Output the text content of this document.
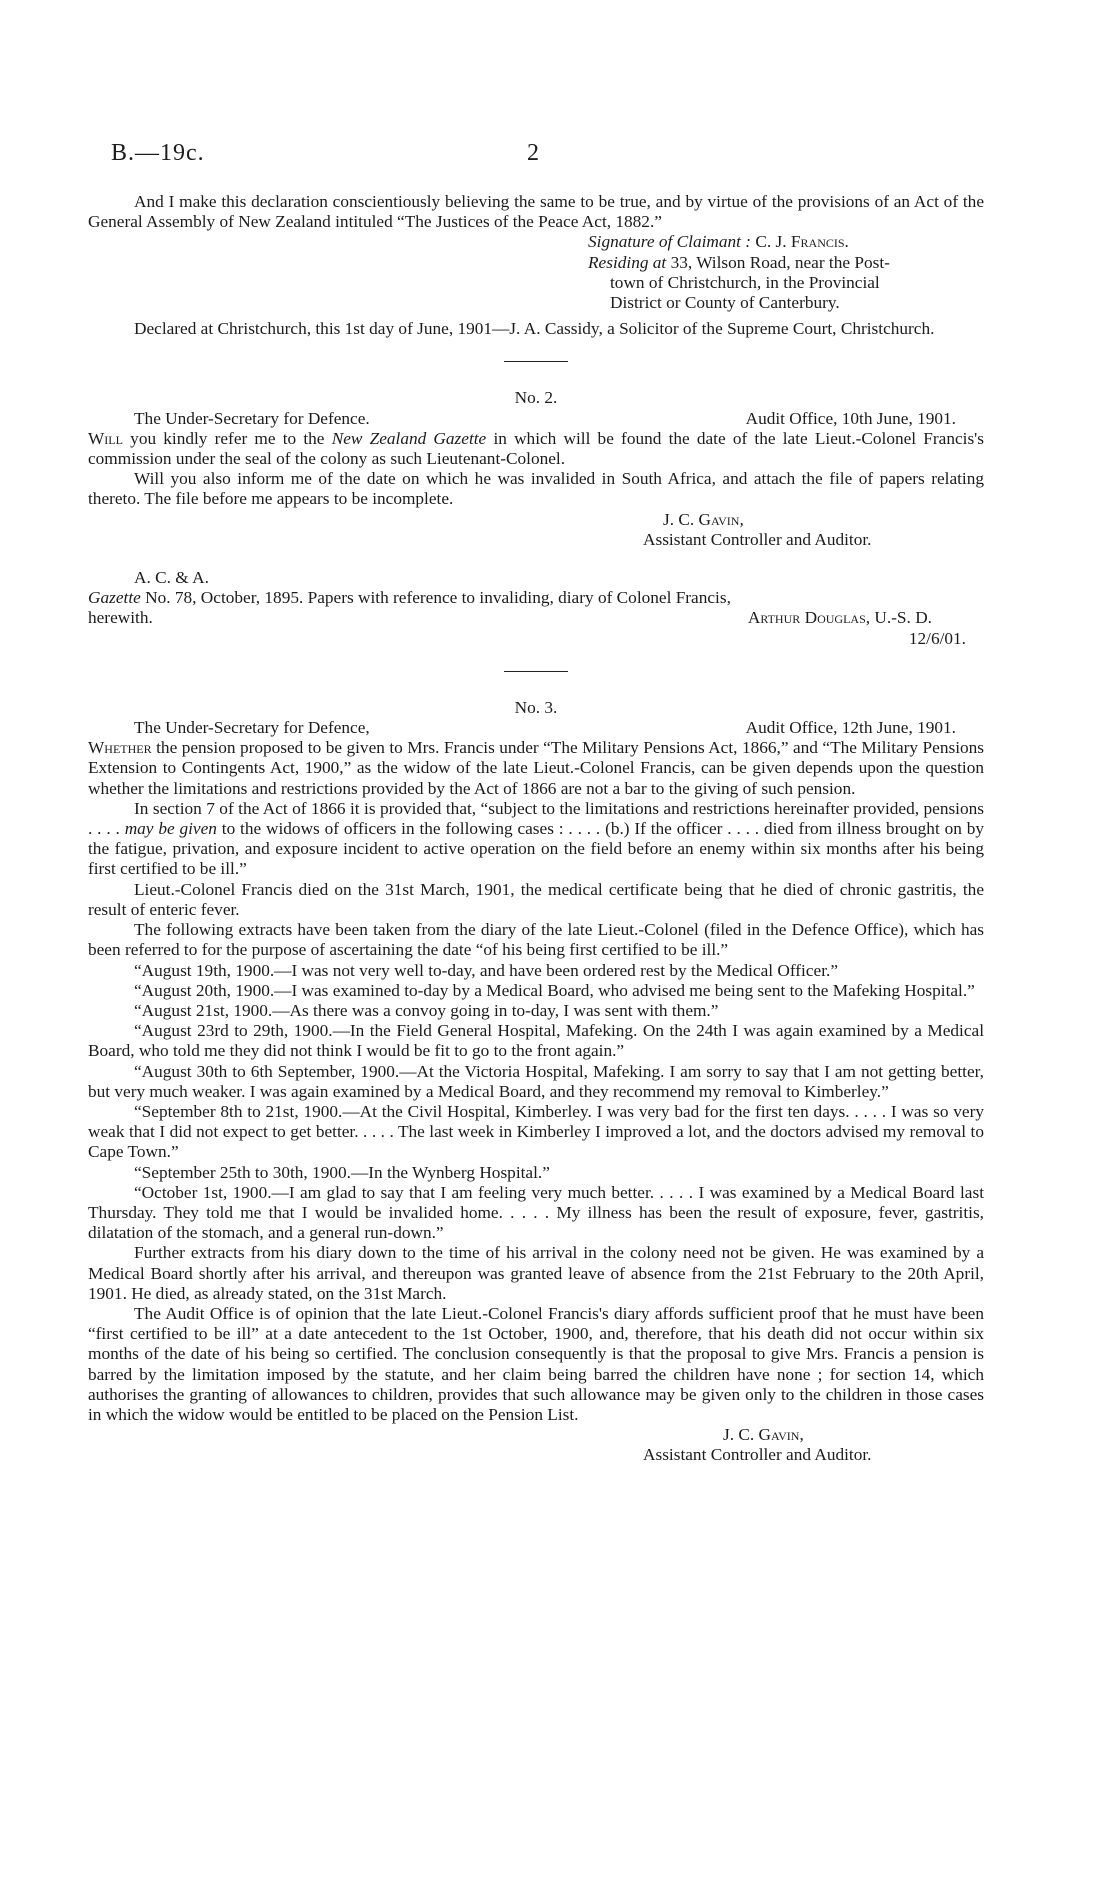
B.—19c.	2

And I make this declaration conscientiously believing the same to be true, and by virtue of the provisions of an Act of the General Assembly of New Zealand intituled “The Justices of the Peace Act, 1882.”

Signature of Claimant : C. J. Francis.
Residing at 33, Wilson Road, near the Post-
town of Christchurch, in the Provincial
District or County of Canterbury.

Declared at Christchurch, this 1st day of June, 1901—J. A. Cassidy, a Solicitor of the Supreme Court, Christchurch.

No. 2.
The Under-Secretary for Defence.	Audit Office, 10th June, 1901.

Will you kindly refer me to the New Zealand Gazette in which will be found the date of the late Lieut.-Colonel Francis's commission under the seal of the colony as such Lieutenant-Colonel.

Will you also inform me of the date on which he was invalided in South Africa, and attach the file of papers relating thereto. The file before me appears to be incomplete.

J. C. Gavin,
Assistant Controller and Auditor.
A. C. & A.

Gazette No. 78, October, 1895. Papers with reference to invaliding, diary of Colonel Francis,

herewith.	Arthur Douglas, U.-S. D.
12/6/01.
No. 3.
The Under-Secretary for Defence,	Audit Office, 12th June, 1901.

Whether the pension proposed to be given to Mrs. Francis under “The Military Pensions Act, 1866,” and “The Military Pensions Extension to Contingents Act, 1900,” as the widow of the late Lieut.-Colonel Francis, can be given depends upon the question whether the limitations and restrictions provided by the Act of 1866 are not a bar to the giving of such pension.

In section 7 of the Act of 1866 it is provided that, “subject to the limitations and restrictions hereinafter provided, pensions . . . . may be given to the widows of officers in the following cases : . . . . (b.) If the officer . . . . died from illness brought on by the fatigue, privation, and exposure incident to active operation on the field before an enemy within six months after his being first certified to be ill.”

Lieut.-Colonel Francis died on the 31st March, 1901, the medical certificate being that he died of chronic gastritis, the result of enteric fever.

The following extracts have been taken from the diary of the late Lieut.-Colonel (filed in the Defence Office), which has been referred to for the purpose of ascertaining the date “of his being first certified to be ill.”

“August 19th, 1900.—I was not very well to-day, and have been ordered rest by the Medical Officer.”

“August 20th, 1900.—I was examined to-day by a Medical Board, who advised me being sent to the Mafeking Hospital.”

“August 21st, 1900.—As there was a convoy going in to-day, I was sent with them.”

“August 23rd to 29th, 1900.—In the Field General Hospital, Mafeking. On the 24th I was again examined by a Medical Board, who told me they did not think I would be fit to go to the front again.”

“August 30th to 6th September, 1900.—At the Victoria Hospital, Mafeking. I am sorry to say that I am not getting better, but very much weaker. I was again examined by a Medical Board, and they recommend my removal to Kimberley.”

“September 8th to 21st, 1900.—At the Civil Hospital, Kimberley. I was very bad for the first ten days. . . . . I was so very weak that I did not expect to get better. . . . . The last week in Kimberley I improved a lot, and the doctors advised my removal to Cape Town.”

“September 25th to 30th, 1900.—In the Wynberg Hospital.”

“October 1st, 1900.—I am glad to say that I am feeling very much better. . . . . I was examined by a Medical Board last Thursday. They told me that I would be invalided home. . . . . My illness has been the result of exposure, fever, gastritis, dilatation of the stomach, and a general run-down.”

Further extracts from his diary down to the time of his arrival in the colony need not be given. He was examined by a Medical Board shortly after his arrival, and thereupon was granted leave of absence from the 21st February to the 20th April, 1901. He died, as already stated, on the 31st March.

The Audit Office is of opinion that the late Lieut.-Colonel Francis's diary affords sufficient proof that he must have been “first certified to be ill” at a date antecedent to the 1st October, 1900, and, therefore, that his death did not occur within six months of the date of his being so certified. The conclusion consequently is that the proposal to give Mrs. Francis a pension is barred by the limitation imposed by the statute, and her claim being barred the children have none ; for section 14, which authorises the granting of allowances to children, provides that such allowance may be given only to the children in those cases in which the widow would be entitled to be placed on the Pension List.

J. C. Gavin,
Assistant Controller and Auditor.
